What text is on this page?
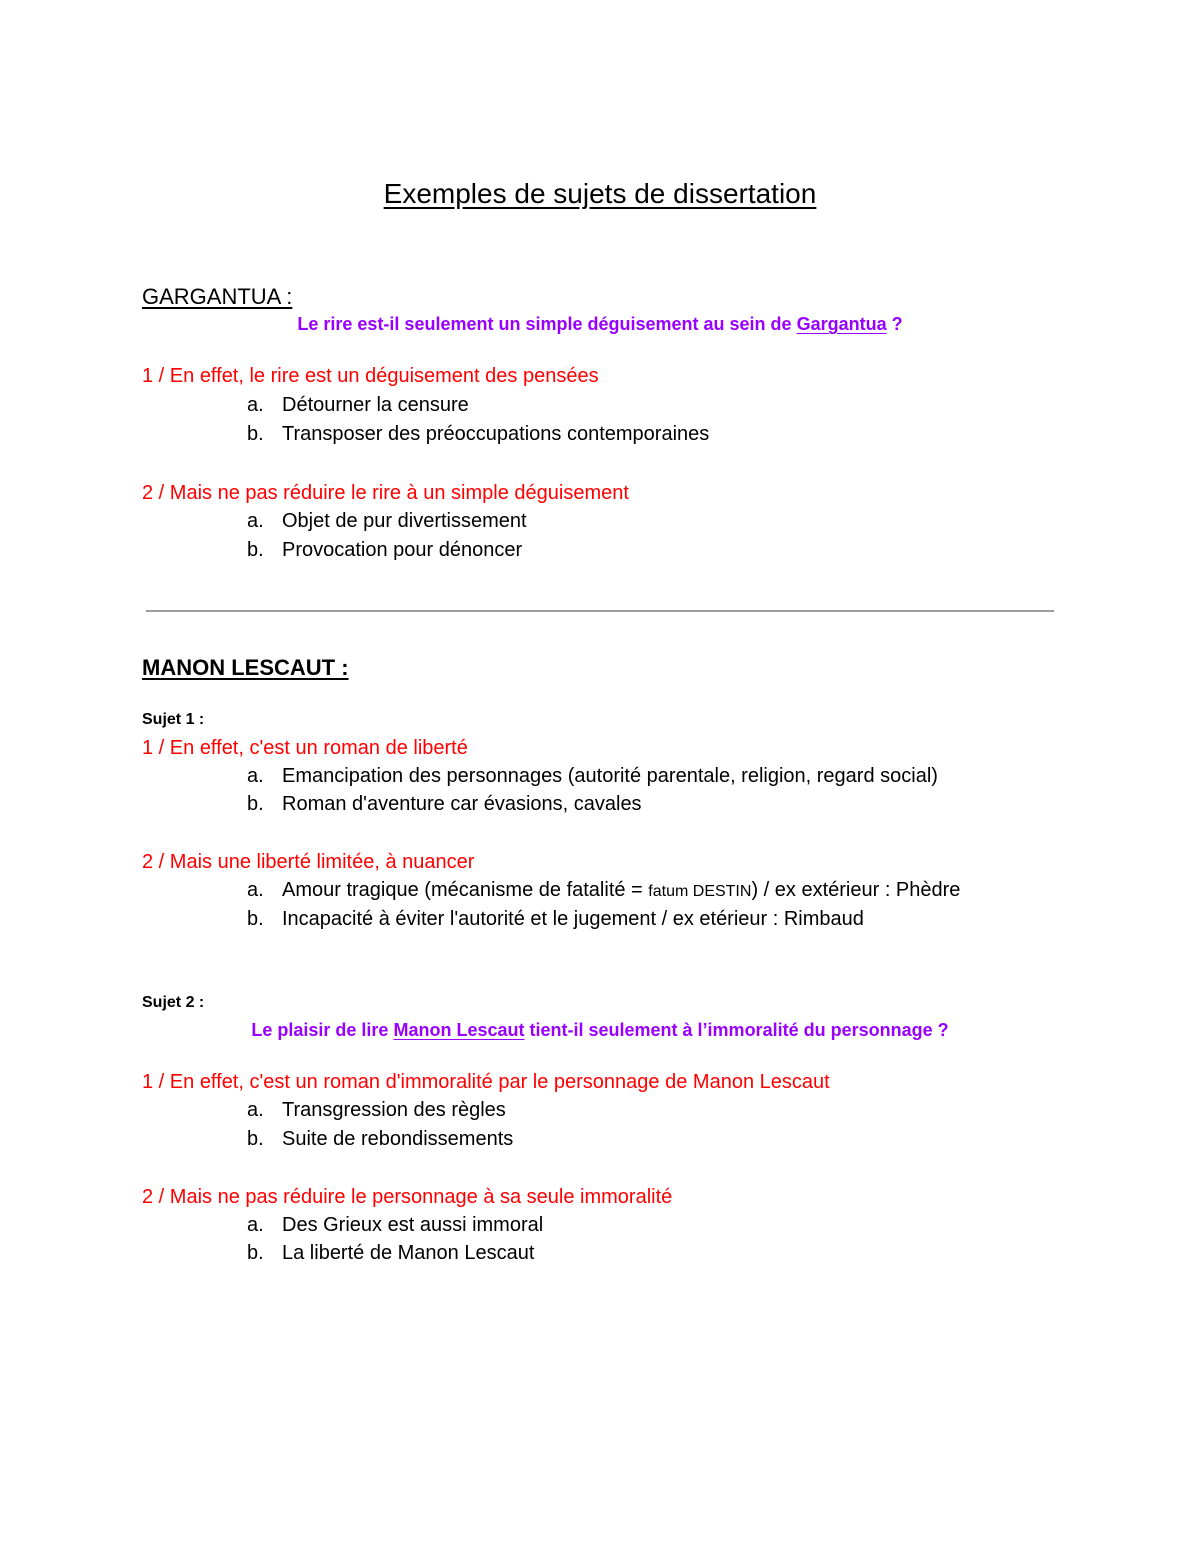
Exemples de sujets de dissertation
GARGANTUA :
Le rire est-il seulement un simple déguisement au sein de Gargantua ?
1 / En effet, le rire est un déguisement des pensées
a. Détourner la censure
b. Transposer des préoccupations contemporaines
2 / Mais ne pas réduire le rire à un simple déguisement
a. Objet de pur divertissement
b. Provocation pour dénoncer
MANON LESCAUT :
Sujet 1 :
1 / En effet, c'est un roman de liberté
a. Emancipation des personnages (autorité parentale, religion, regard social)
b. Roman d'aventure car évasions, cavales
2 / Mais une liberté limitée, à nuancer
a. Amour tragique (mécanisme de fatalité = fatum DESTIN) / ex extérieur : Phèdre
b. Incapacité à éviter l'autorité et le jugement / ex etérieur : Rimbaud
Sujet 2 :
Le plaisir de lire Manon Lescaut tient-il seulement à l’immoralité du personnage ?
1 / En effet, c'est un roman d'immoralité par le personnage de Manon Lescaut
a. Transgression des règles
b. Suite de rebondissements
2 / Mais ne pas réduire le personnage à sa seule immoralité
a. Des Grieux est aussi immoral
b. La liberté de Manon Lescaut
